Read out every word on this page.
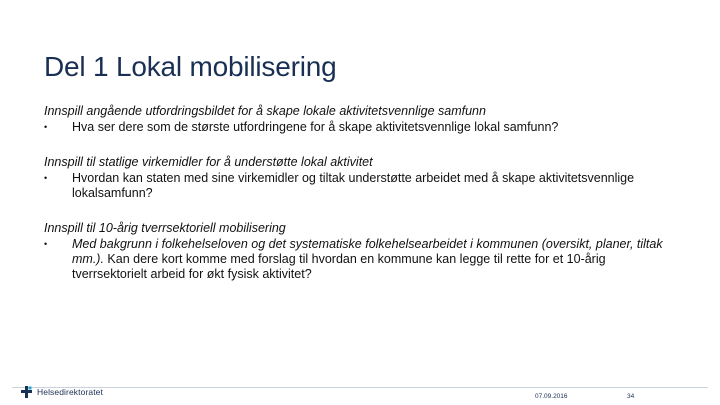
Del 1 Lokal mobilisering
Innspill angående utfordringsbildet for å skape lokale aktivitetsvennlige samfunn
•	Hva ser dere som de største utfordringene for å skape aktivitetsvennlige lokal samfunn?
Innspill til statlige virkemidler for å understøtte lokal aktivitet
•	Hvordan kan staten med sine virkemidler og tiltak understøtte arbeidet med å skape aktivitetsvennlige lokalsamfunn?
Innspill til 10-årig tverrsektoriell mobilisering
•	Med bakgrunn i folkehelseloven og det systematiske folkehelsearbeidet i kommunen (oversikt, planer, tiltak mm.). Kan dere kort komme med forslag til hvordan en kommune kan legge til rette for et 10-årig tverrsektorielt arbeid for økt fysisk aktivitet?
Helsedirektoratet	07.09.2016	34
